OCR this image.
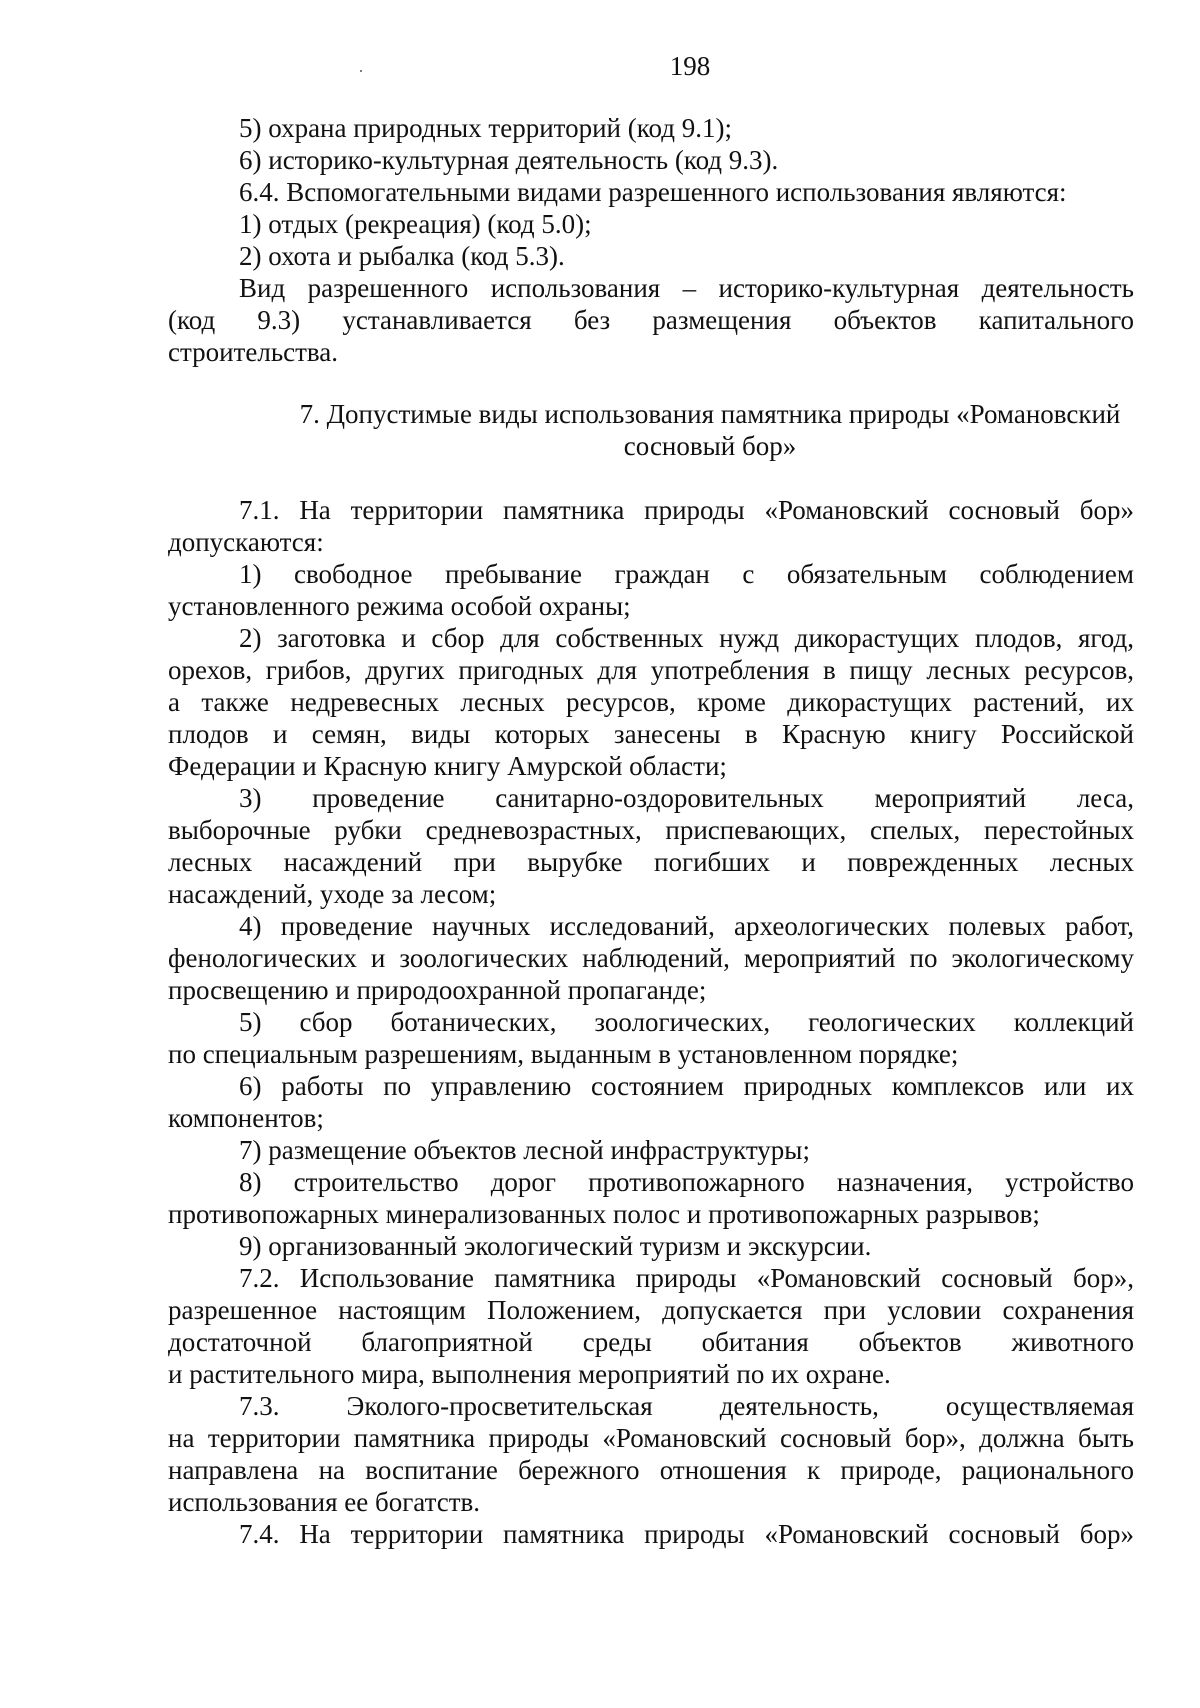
198
5) охрана природных территорий (код 9.1);
6) историко-культурная деятельность (код 9.3).
6.4. Вспомогательными видами разрешенного использования являются:
1) отдых (рекреация) (код 5.0);
2) охота и рыбалка (код 5.3).
Вид разрешенного использования – историко-культурная деятельность
(код 9.3) устанавливается без размещения объектов капитального
строительства.
7. Допустимые виды использования памятника природы «Романовский
сосновый бор»
7.1. На территории памятника природы «Романовский сосновый бор»
допускаются:
1) свободное пребывание граждан с обязательным соблюдением
установленного режима особой охраны;
2) заготовка и сбор для собственных нужд дикорастущих плодов, ягод,
орехов, грибов, других пригодных для употребления в пищу лесных ресурсов,
а также недревесных лесных ресурсов, кроме дикорастущих растений, их
плодов и семян, виды которых занесены в Красную книгу Российской
Федерации и Красную книгу Амурской области;
3) проведение санитарно-оздоровительных мероприятий леса,
выборочные рубки средневозрастных, приспевающих, спелых, перестойных
лесных насаждений при вырубке погибших и поврежденных лесных
насаждений, уходе за лесом;
4) проведение научных исследований, археологических полевых работ,
фенологических и зоологических наблюдений, мероприятий по экологическому
просвещению и природоохранной пропаганде;
5) сбор ботанических, зоологических, геологических коллекций
по специальным разрешениям, выданным в установленном порядке;
6) работы по управлению состоянием природных комплексов или их
компонентов;
7) размещение объектов лесной инфраструктуры;
8) строительство дорог противопожарного назначения, устройство
противопожарных минерализованных полос и противопожарных разрывов;
9) организованный экологический туризм и экскурсии.
7.2. Использование памятника природы «Романовский сосновый бор»,
разрешенное настоящим Положением, допускается при условии сохранения
достаточной благоприятной среды обитания объектов животного
и растительного мира, выполнения мероприятий по их охране.
7.3. Эколого-просветительская деятельность, осуществляемая
на территории памятника природы «Романовский сосновый бор», должна быть
направлена на воспитание бережного отношения к природе, рационального
использования ее богатств.
7.4. На территории памятника природы «Романовский сосновый бор»
